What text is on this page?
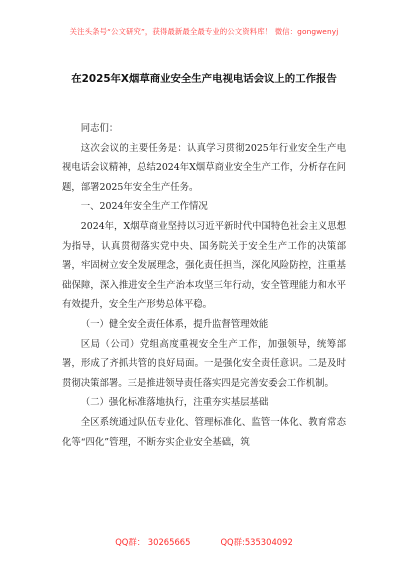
关注头条号“公文研究”，获得最新最全最专业的公文资料库！ 微信：gongwenyj
在2025年X烟草商业安全生产电视电话会议上的工作报告

同志们：

这次会议的主要任务是：认真学习贯彻2025年行业安全生产电视电话会议精神，总结2024年X烟草商业安全生产工作，分析存在问题，部署2025年安全生产任务。

一、2024年安全生产工作情况

2024年，X烟草商业坚持以习近平新时代中国特色社会主义思想为指导，认真贯彻落实党中央、国务院关于安全生产工作的决策部署，牢固树立安全发展理念，强化责任担当，深化风险防控，注重基础保障，深入推进安全生产治本攻坚三年行动，安全管理能力和水平有效提升，安全生产形势总体平稳。

（一）健全安全责任体系，提升监督管理效能

区局（公司）党组高度重视安全生产工作，加强领导，统筹部署，形成了齐抓共管的良好局面。一是强化安全责任意识。二是及时贯彻决策部署。三是推进领导责任落实四是完善安委会工作机制。

（二）强化标准落地执行，注重夯实基层基础

全区系统通过队伍专业化、管理标准化、监管一体化、教育常态化等“四化”管理，不断夯实企业安全基础，筑

QQ群： 30265665	QQ群:535304092
